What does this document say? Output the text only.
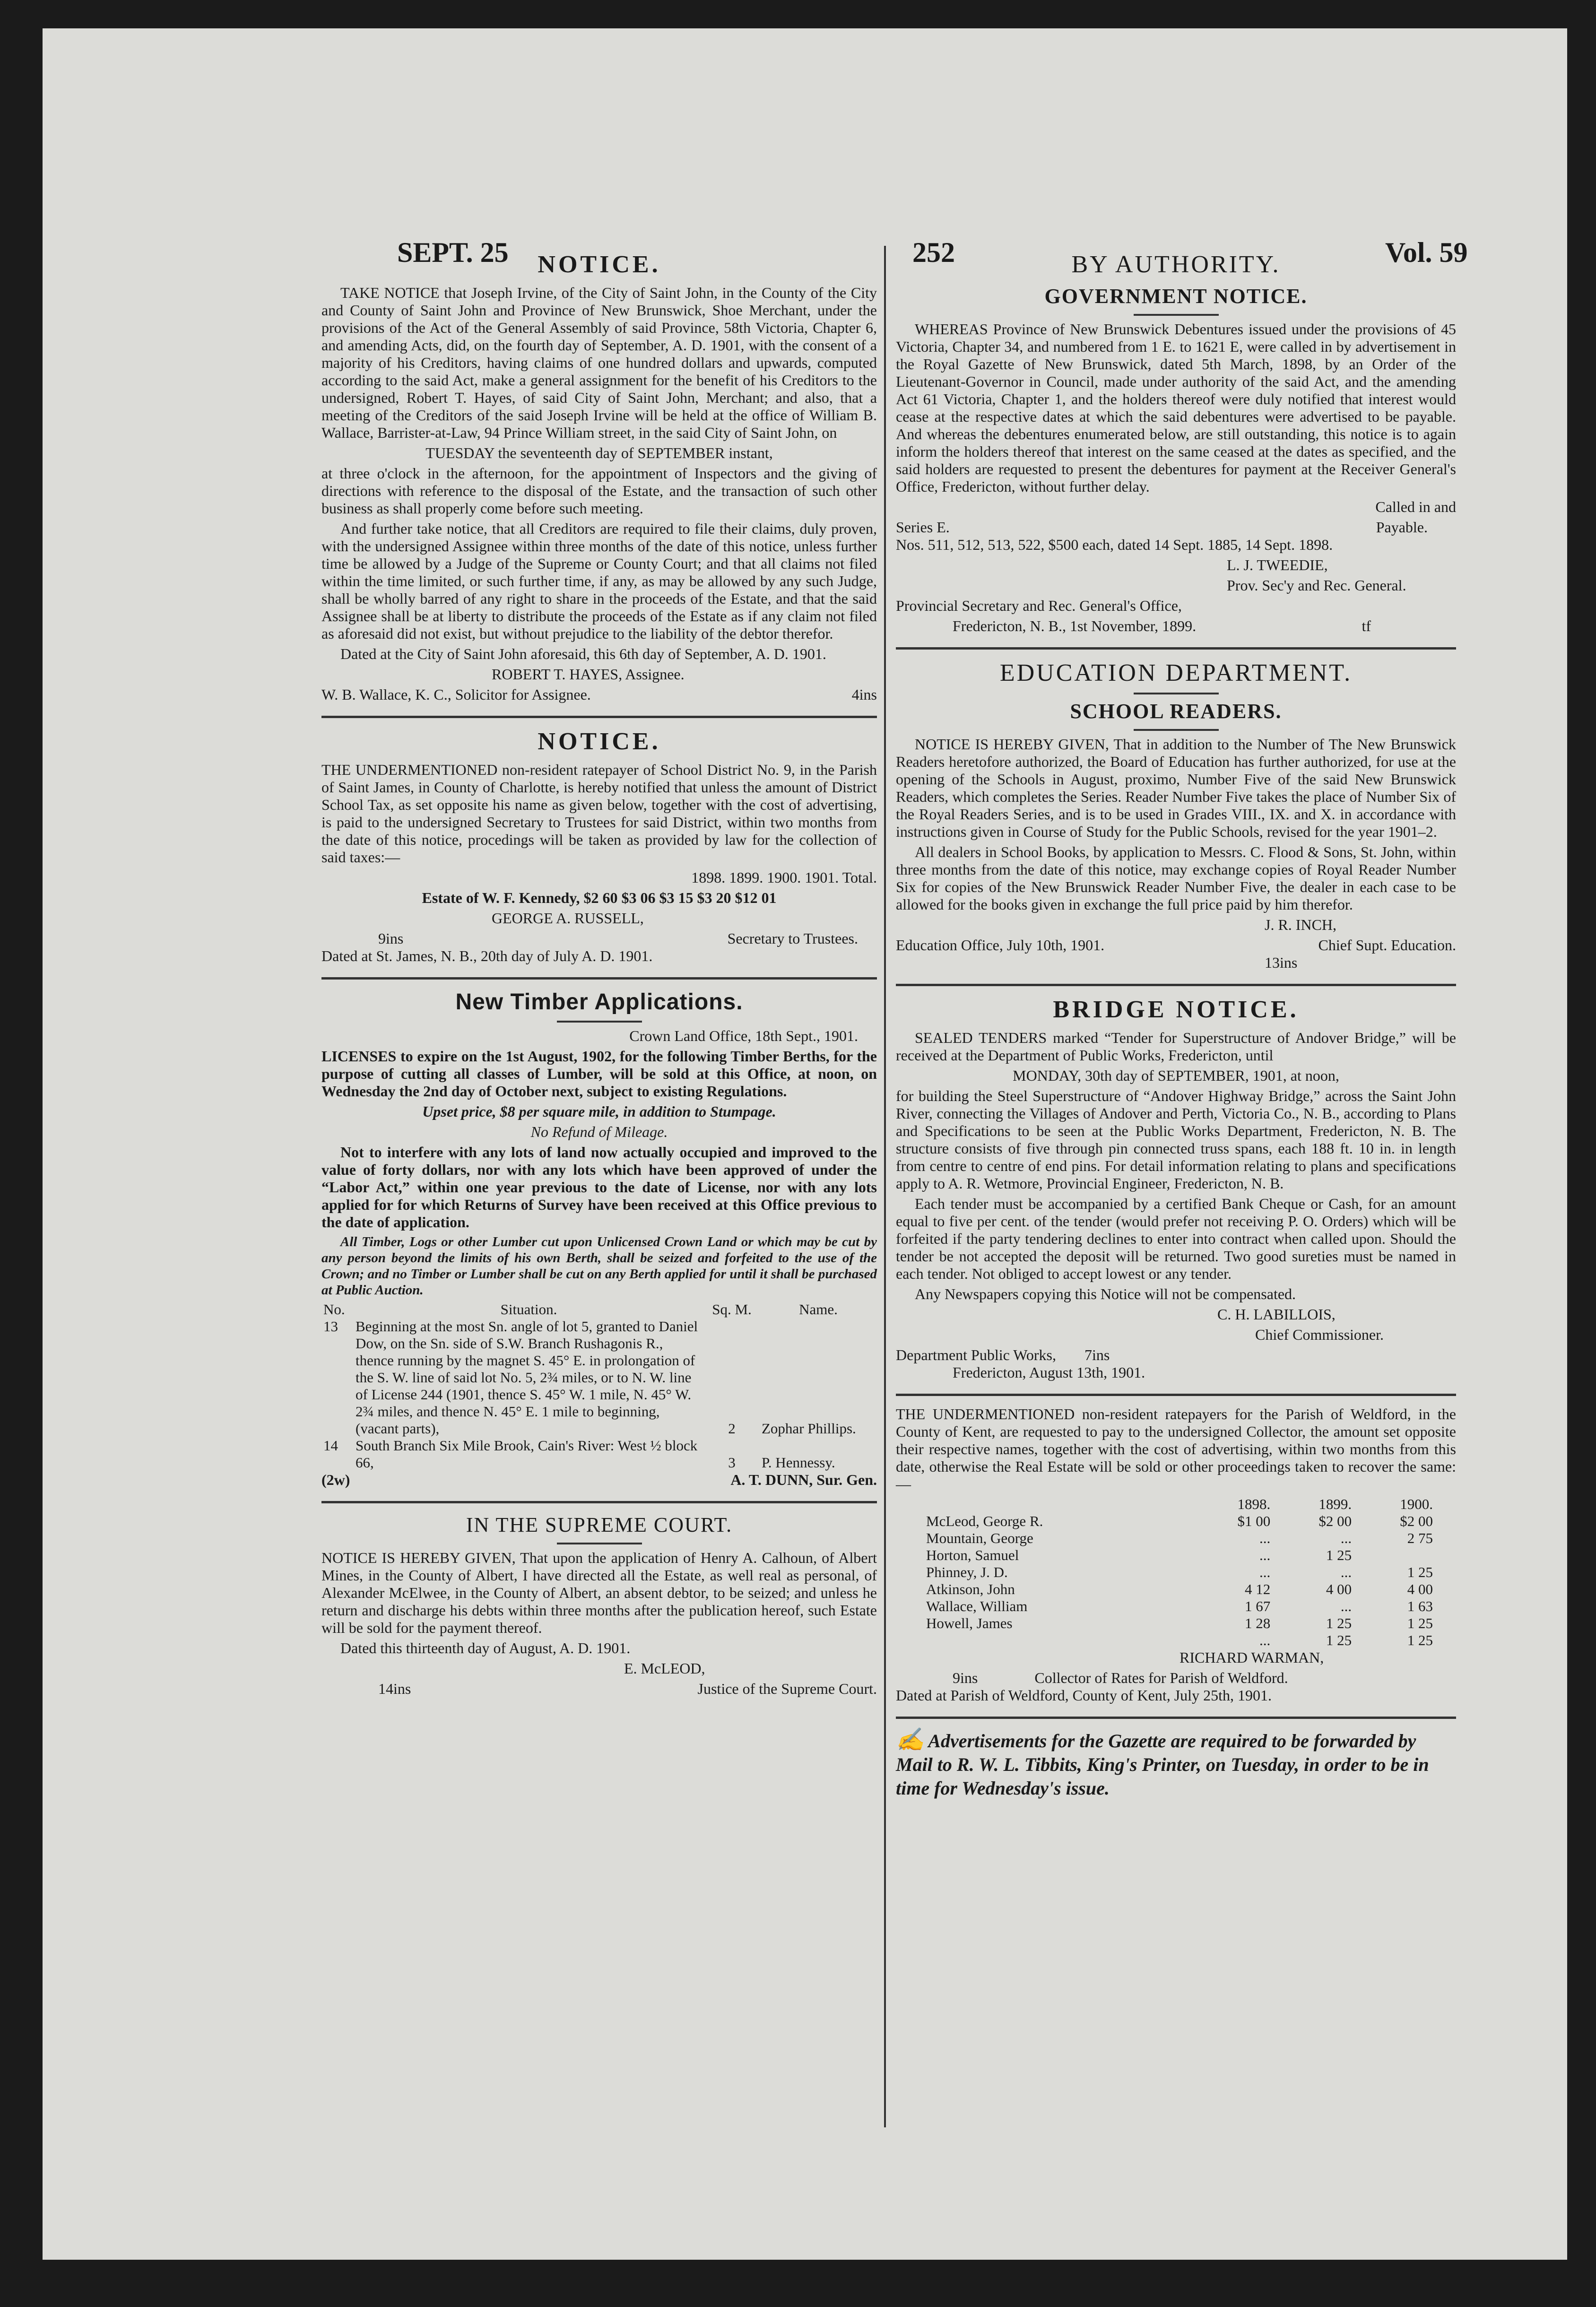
SEPT. 25	252	Vol. 59
NOTICE.

TAKE NOTICE that Joseph Irvine, of the City of Saint John, in the County of the City and County of Saint John and Province of New Brunswick, Shoe Merchant, under the provisions of the Act of the General Assembly of said Province, 58th Victoria, Chapter 6, and amending Acts, did, on the fourth day of September, A. D. 1901, with the consent of a majority of his Creditors, having claims of one hundred dollars and upwards, computed according to the said Act, make a general assignment for the benefit of his Creditors to the undersigned, Robert T. Hayes, of said City of Saint John, Merchant; and also, that a meeting of the Creditors of the said Joseph Irvine will be held at the office of William B. Wallace, Barrister-at-Law, 94 Prince William street, in the said City of Saint John, on

TUESDAY the seventeenth day of SEPTEMBER instant,

at three o'clock in the afternoon, for the appointment of Inspectors and the giving of directions with reference to the disposal of the Estate, and the transaction of such other business as shall properly come before such meeting.

And further take notice, that all Creditors are required to file their claims, duly proven, with the undersigned Assignee within three months of the date of this notice, unless further time be allowed by a Judge of the Supreme or County Court; and that all claims not filed within the time limited, or such further time, if any, as may be allowed by any such Judge, shall be wholly barred of any right to share in the proceeds of the Estate, and that the said Assignee shall be at liberty to distribute the proceeds of the Estate as if any claim not filed as aforesaid did not exist, but without prejudice to the liability of the debtor therefor.

Dated at the City of Saint John aforesaid, this 6th day of September, A. D. 1901.

ROBERT T. HAYES, Assignee.

W. B. Wallace, K. C., Solicitor for Assignee.	4ins
NOTICE.

THE UNDERMENTIONED non-resident ratepayer of School District No. 9, in the Parish of Saint James, in County of Charlotte, is hereby notified that unless the amount of District School Tax, as set opposite his name as given below, together with the cost of advertising, is paid to the undersigned Secretary to Trustees for said District, within two months from the date of this notice, procedings will be taken as provided by law for the collection of said taxes:—

1898. 1899. 1900. 1901. Total.

Estate of W. F. Kennedy, $2 60 $3 06 $3 15 $3 20 $12 01

GEORGE A. RUSSELL,

9ins	Secretary to Trustees.

Dated at St. James, N. B., 20th day of July A. D. 1901.

New Timber Applications.

Crown Land Office, 18th Sept., 1901.

LICENSES to expire on the 1st August, 1902, for the following Timber Berths, for the purpose of cutting all classes of Lumber, will be sold at this Office, at noon, on Wednesday the 2nd day of October next, subject to existing Regulations.

Upset price, $8 per square mile, in addition to Stumpage.

No Refund of Mileage.

Not to interfere with any lots of land now actually occupied and improved to the value of forty dollars, nor with any lots which have been approved of under the “Labor Act,” within one year previous to the date of License, nor with any lots applied for for which Returns of Survey have been received at this Office previous to the date of application.

All Timber, Logs or other Lumber cut upon Unlicensed Crown Land or which may be cut by any person beyond the limits of his own Berth, shall be seized and forfeited to the use of the Crown; and no Timber or Lumber shall be cut on any Berth applied for until it shall be purchased at Public Auction.

No.	Situation.	Sq. M.	Name.
13	Beginning at the most Sn. angle of lot 5, granted to Daniel Dow, on the Sn. side of S.W. Branch Rushagonis R., thence running by the magnet S. 45° E. in prolongation of the S. W. line of said lot No. 5, 2¾ miles, or to N. W. line of License 244 (1901, thence S. 45° W. 1 mile, N. 45° W. 2¾ miles, and thence N. 45° E. 1 mile to beginning, (vacant parts),	2	Zophar Phillips.
14	South Branch Six Mile Brook, Cain's River: West ½ block 66,	3	P. Hennessy.
(2w)	A. T. DUNN, Sur. Gen.
IN THE SUPREME COURT.

NOTICE IS HEREBY GIVEN, That upon the application of Henry A. Calhoun, of Albert Mines, in the County of Albert, I have directed all the Estate, as well real as personal, of Alexander McElwee, in the County of Albert, an absent debtor, to be seized; and unless he return and discharge his debts within three months after the publication hereof, such Estate will be sold for the payment thereof.

Dated this thirteenth day of August, A. D. 1901.

E. McLEOD,

14ins	Justice of the Supreme Court.
BY AUTHORITY.
GOVERNMENT NOTICE.

WHEREAS Province of New Brunswick Debentures issued under the provisions of 45 Victoria, Chapter 34, and numbered from 1 E. to 1621 E, were called in by advertisement in the Royal Gazette of New Brunswick, dated 5th March, 1898, by an Order of the Lieutenant-Governor in Council, made under authority of the said Act, and the amending Act 61 Victoria, Chapter 1, and the holders thereof were duly notified that interest would cease at the respective dates at which the said debentures were advertised to be payable. And whereas the debentures enumerated below, are still outstanding, this notice is to again inform the holders thereof that interest on the same ceased at the dates as specified, and the said holders are requested to present the debentures for payment at the Receiver General's Office, Fredericton, without further delay.

Called in and

Series E.	Payable.

Nos. 511, 512, 513, 522, $500 each, dated 14 Sept. 1885, 14 Sept. 1898.

L. J. TWEEDIE,

Prov. Sec'y and Rec. General.

Provincial Secretary and Rec. General's Office,

Fredericton, N. B., 1st November, 1899.	tf
EDUCATION DEPARTMENT.
SCHOOL READERS.

NOTICE IS HEREBY GIVEN, That in addition to the Number of The New Brunswick Readers heretofore authorized, the Board of Education has further authorized, for use at the opening of the Schools in August, proximo, Number Five of the said New Brunswick Readers, which completes the Series. Reader Number Five takes the place of Number Six of the Royal Readers Series, and is to be used in Grades VIII., IX. and X. in accordance with instructions given in Course of Study for the Public Schools, revised for the year 1901–2.

All dealers in School Books, by application to Messrs. C. Flood & Sons, St. John, within three months from the date of this notice, may exchange copies of Royal Reader Number Six for copies of the New Brunswick Reader Number Five, the dealer in each case to be allowed for the books given in exchange the full price paid by him therefor.

J. R. INCH,

Education Office, July 10th, 1901.	Chief Supt. Education.

13ins

BRIDGE NOTICE.

SEALED TENDERS marked “Tender for Superstructure of Andover Bridge,” will be received at the Department of Public Works, Fredericton, until

MONDAY, 30th day of SEPTEMBER, 1901, at noon,

for building the Steel Superstructure of “Andover Highway Bridge,” across the Saint John River, connecting the Villages of Andover and Perth, Victoria Co., N. B., according to Plans and Specifications to be seen at the Public Works Department, Fredericton, N. B. The structure consists of five through pin connected truss spans, each 188 ft. 10 in. in length from centre to centre of end pins. For detail information relating to plans and specifications apply to A. R. Wetmore, Provincial Engineer, Fredericton, N. B.

Each tender must be accompanied by a certified Bank Cheque or Cash, for an amount equal to five per cent. of the tender (would prefer not receiving P. O. Orders) which will be forfeited if the party tendering declines to enter into contract when called upon. Should the tender be not accepted the deposit will be returned. Two good sureties must be named in each tender. Not obliged to accept lowest or any tender.

Any Newspapers copying this Notice will not be compensated.

C. H. LABILLOIS,

Chief Commissioner.

Department Public Works, 7ins

Fredericton, August 13th, 1901.

THE UNDERMENTIONED non-resident ratepayers for the Parish of Weldford, in the County of Kent, are requested to pay to the undersigned Collector, the amount set opposite their respective names, together with the cost of advertising, within two months from this date, otherwise the Real Estate will be sold or other proceedings taken to recover the same:—

	1898.	1899.	1900.
McLeod, George R.	$1 00	$2 00	$2 00
Mountain, George	...	...	2 75
Horton, Samuel	...	1 25	
Phinney, J. D.	...	...	1 25
Atkinson, John	4 12	4 00	4 00
Wallace, William	1 67	...	1 63
Howell, James	1 28	1 25	1 25
	...	1 25	1 25

RICHARD WARMAN,

9ins	Collector of Rates for Parish of Weldford.

Dated at Parish of Weldford, County of Kent, July 25th, 1901.

✍ Advertisements for the Gazette are required to be forwarded by Mail to R. W. L. Tibbits, King's Printer, on Tuesday, in order to be in time for Wednesday's issue.
